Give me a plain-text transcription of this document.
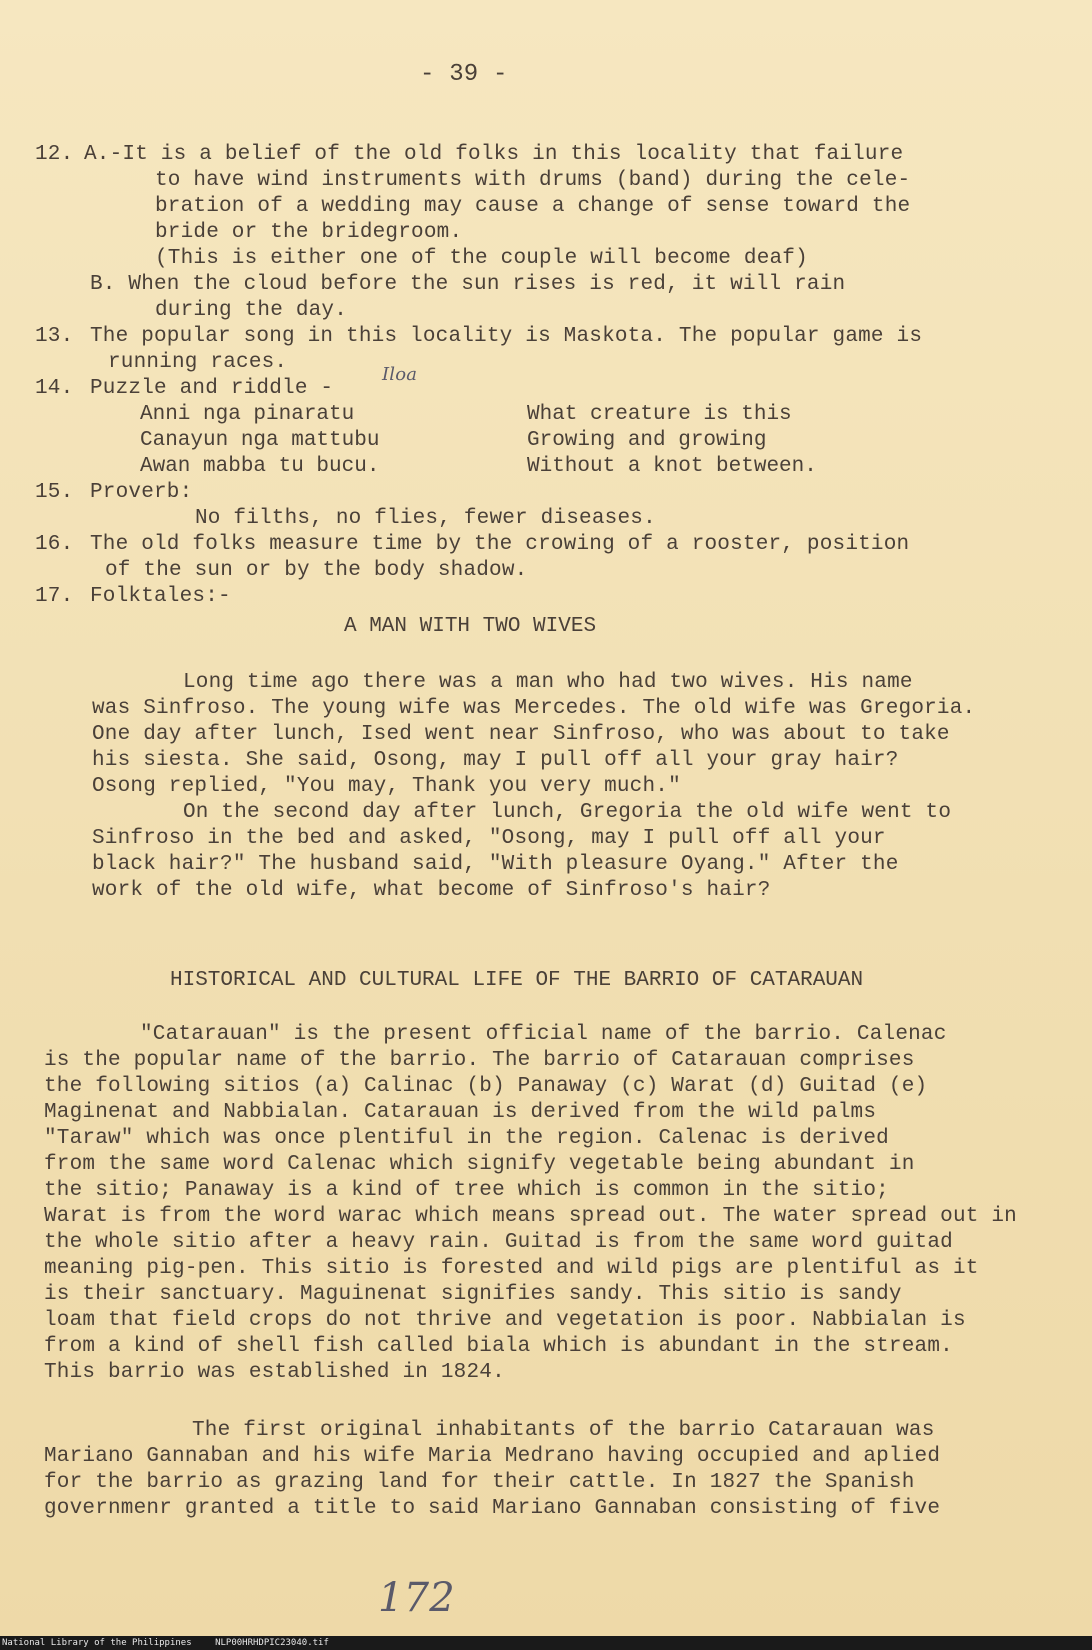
- 39 -
12. A.-It is a belief of the old folks in this locality that failure
to have wind instruments with drums (band) during the cele-
bration of a wedding may cause a change of sense toward the
bride or the bridegroom.
(This is either one of the couple will become deaf)
B. When the cloud before the sun rises is red, it will rain
during the day.
13. The popular song in this locality is Maskota. The popular game is
running races.
14. Puzzle and riddle -
Iloa
Anni nga pinaratu
Canayun nga mattubu
Awan mabba tu bucu.
What creature is this
Growing and growing
Without a knot between.
15. Proverb:
No filths, no flies, fewer diseases.
16. The old folks measure time by the crowing of a rooster, position
of the sun or by the body shadow.
17. Folktales:-
A MAN WITH TWO WIVES
Long time ago there was a man who had two wives. His name
was Sinfroso. The young wife was Mercedes. The old wife was Gregoria.
One day after lunch, Ised went near Sinfroso, who was about to take
his siesta. She said, Osong, may I pull off all your gray hair?
Osong replied, "You may, Thank you very much."
On the second day after lunch, Gregoria the old wife went to
Sinfroso in the bed and asked, "Osong, may I pull off all your
black hair?" The husband said, "With pleasure Oyang." After the
work of the old wife, what become of Sinfroso's hair?
HISTORICAL AND CULTURAL LIFE OF THE BARRIO OF CATARAUAN
"Catarauan" is the present official name of the barrio. Calenac
is the popular name of the barrio. The barrio of Catarauan comprises
the following sitios (a) Calinac (b) Panaway (c) Warat (d) Guitad (e)
Maginenat and Nabbialan. Catarauan is derived from the wild palms
"Taraw" which was once plentiful in the region. Calenac is derived
from the same word Calenac which signify vegetable being abundant in
the sitio; Panaway is a kind of tree which is common in the sitio;
Warat is from the word warac which means spread out. The water spread out in
the whole sitio after a heavy rain. Guitad is from the same word guitad
meaning pig-pen. This sitio is forested and wild pigs are plentiful as it
is their sanctuary. Maguinenat signifies sandy. This sitio is sandy
loam that field crops do not thrive and vegetation is poor. Nabbialan is
from a kind of shell fish called biala which is abundant in the stream.
This barrio was established in 1824.
The first original inhabitants of the barrio Catarauan was
Mariano Gannaban and his wife Maria Medrano having occupied and aplied
for the barrio as grazing land for their cattle. In 1827 the Spanish
governmenr granted a title to said Mariano Gannaban consisting of five
172
National Library of the Philippines	NLP00HRHDPIC23040.tif
